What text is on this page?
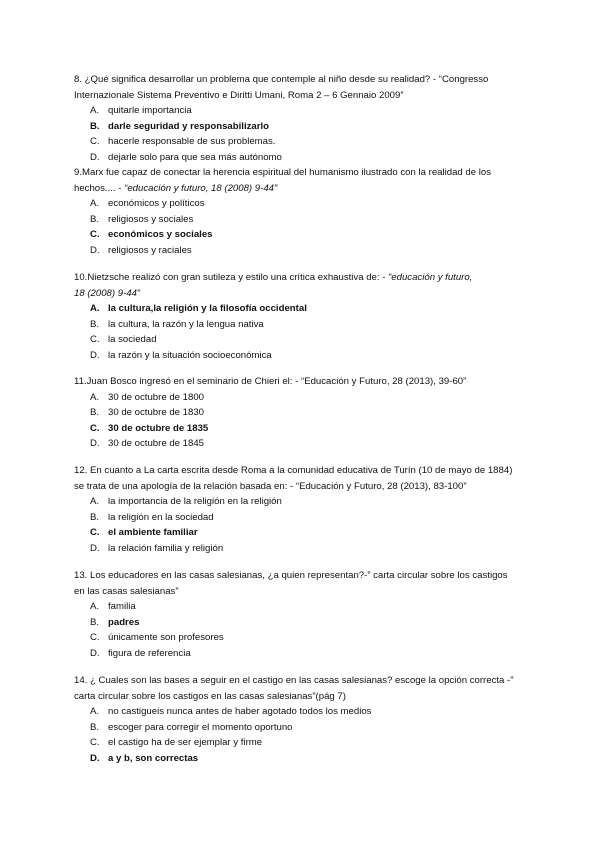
8. ¿Qué significa desarrollar un problema que contemple al niño desde su realidad? - “Congresso
Internazionale Sistema Preventivo e Diritti Umani, Roma 2 – 6 Gennaio 2009”

A. quitarle importancia
B. darle seguridad y responsabilizarlo
C. hacerle responsable de sus problemas.
D. dejarle solo para que sea más autónomo

9.Marx fue capaz de conectar la herencia espiritual del humanismo ilustrado con la realidad de los
hechos.... - “educación y futuro, 18 (2008) 9-44”

A. económicos y políticos
B. religiosos y sociales
C. económicos y sociales
D. religiosos y raciales

10.Nietzsche realizó con gran sutileza y estilo una crítica exhaustiva de: - “educación y futuro,
18 (2008) 9-44”

A. la cultura,la religión y la filosofía occidental
B. la cultura, la razón y la lengua nativa
C. la sociedad
D. la razón y la situación socioeconómica

11.Juan Bosco ingresó en el seminario de Chieri el: - “Educación y Futuro, 28 (2013), 39-60”

A. 30 de octubre de 1800
B. 30 de octubre de 1830
C. 30 de octubre de 1835
D. 30 de octubre de 1845

12. En cuanto a La carta escrita desde Roma a la comunidad educativa de Turín (10 de mayo de 1884)
se trata de una apología de la relación basada en: - “Educación y Futuro, 28 (2013), 83-100”

A. la importancia de la religión en la religión
B. la religión en la sociedad
C. el ambiente familiar
D. la relación familia y religión

13. Los educadores en las casas salesianas, ¿a quien representan?-” carta circular sobre los castigos
en las casas salesianas”

A. familia
B. padres
C. únicamente son profesores
D. figura de referencia

14. ¿ Cuales son las bases a seguir en el castigo en las casas salesianas? escoge la opción correcta -”
carta circular sobre los castigos en las casas salesianas”(pág 7)

A. no castigueis nunca antes de haber agotado todos los medios
B. escoger para corregir el momento oportuno
C. el castigo ha de ser ejemplar y firme
D. a y b, son correctas
